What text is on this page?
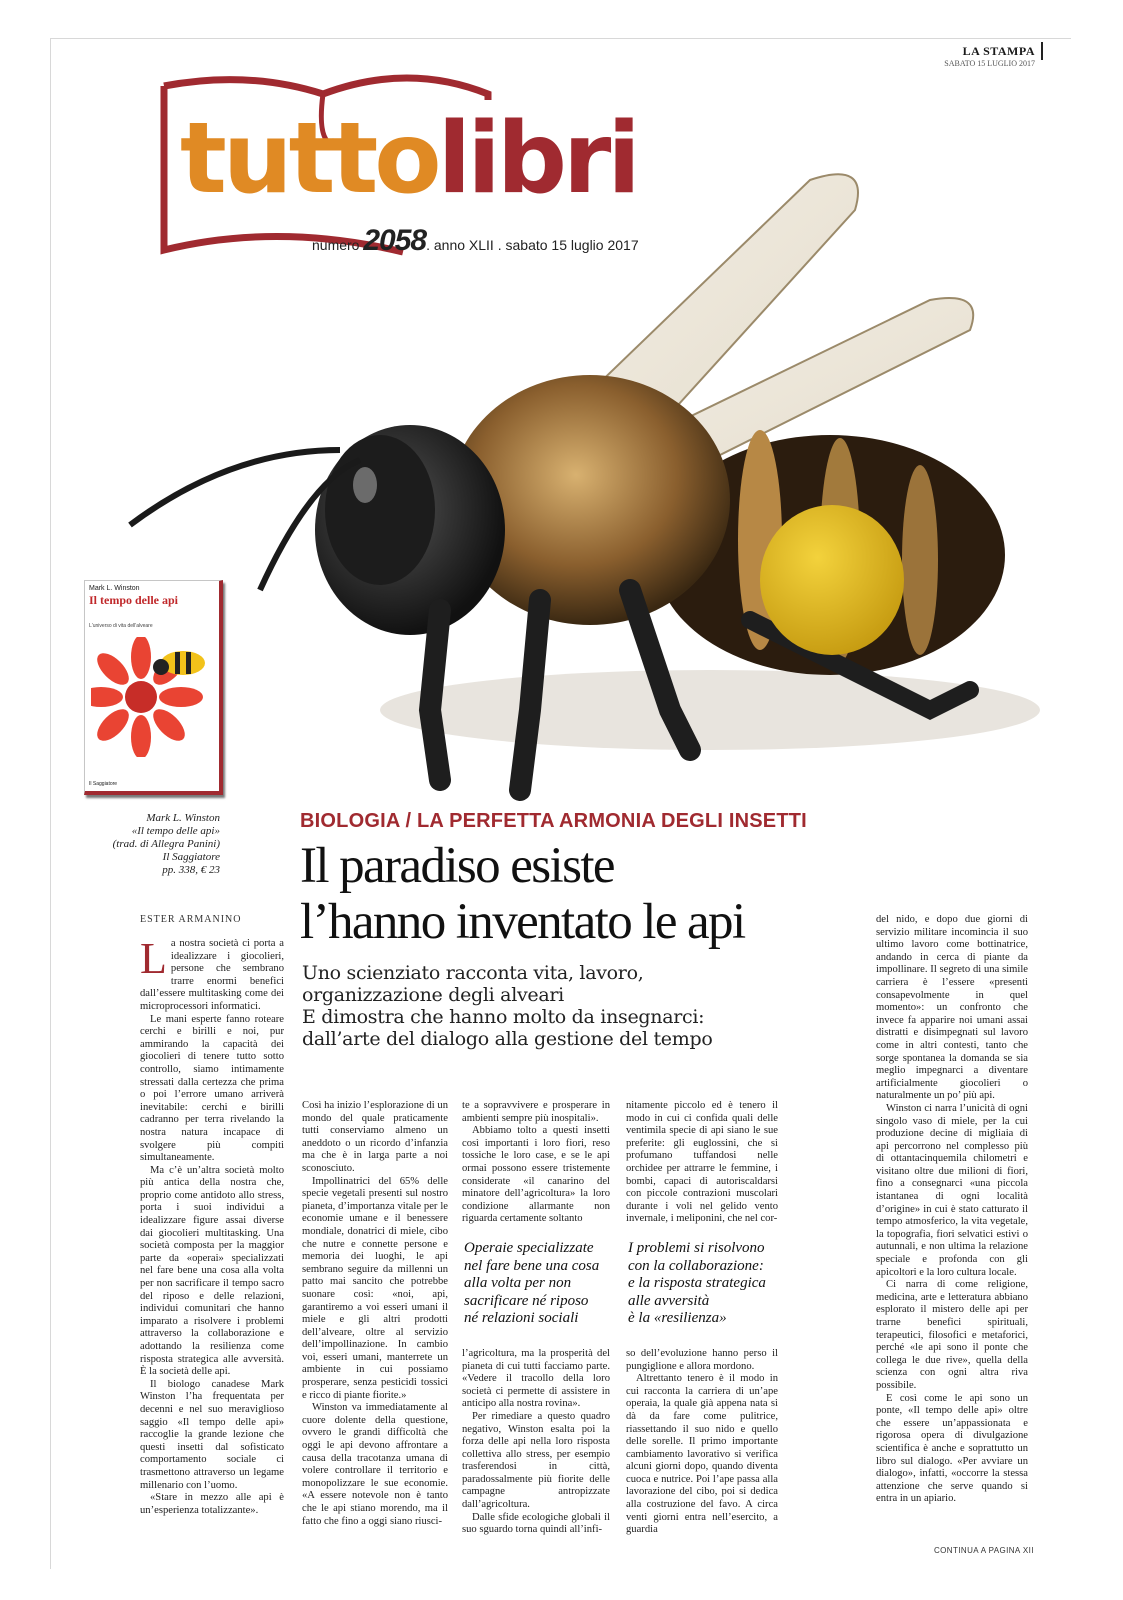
LA STAMPA
SABATO 15 LUGLIO 2017
tuttolibri
numero 2058. anno XLII . sabato 15 luglio 2017
Mark L. Winston
Il tempo delle api
L'universo di vita dell'alveare
Il Saggiatore
Mark L. Winston
«Il tempo delle api»
(trad. di Allegra Panini)
Il Saggiatore
pp. 338, € 23
BIOLOGIA / LA PERFETTA ARMONIA DEGLI INSETTI
Il paradiso esiste
l’hanno inventato le api
Uno scienziato racconta vita, lavoro,
organizzazione degli alveari
E dimostra che hanno molto da insegnarci:
dall’arte del dialogo alla gestione del tempo
ESTER ARMANINO

La nostra società ci porta a idealizzare i giocolieri, persone che sembrano trarre enormi benefici dall’essere multitasking come dei microprocessori informatici.

Le mani esperte fanno roteare cerchi e birilli e noi, pur ammirando la capacità dei giocolieri di tenere tutto sotto controllo, siamo intimamente stressati dalla certezza che prima o poi l’errore umano arriverà inevitabile: cerchi e birilli cadranno per terra rivelando la nostra natura incapace di svolgere più compiti simultaneamente.

Ma c’è un’altra società molto più antica della nostra che, proprio come antidoto allo stress, porta i suoi individui a idealizzare figure assai diverse dai giocolieri multitasking. Una società composta per la maggior parte da «operai» specializzati nel fare bene una cosa alla volta per non sacrificare il tempo sacro del riposo e delle relazioni, individui comunitari che hanno imparato a risolvere i problemi attraverso la collaborazione e adottando la resilienza come risposta strategica alle avversità. È la società delle api.

Il biologo canadese Mark Winston l’ha frequentata per decenni e nel suo meraviglioso saggio «Il tempo delle api» raccoglie la grande lezione che questi insetti dal sofisticato comportamento sociale ci trasmettono attraverso un legame millenario con l’uomo.

«Stare in mezzo alle api è un’esperienza totalizzante».

Così ha inizio l’esplorazione di un mondo del quale praticamente tutti conserviamo almeno un aneddoto o un ricordo d’infanzia ma che è in larga parte a noi sconosciuto.

Impollinatrici del 65% delle specie vegetali presenti sul nostro pianeta, d’importanza vitale per le economie umane e il benessere mondiale, donatrici di miele, cibo che nutre e connette persone e memoria dei luoghi, le api sembrano seguire da millenni un patto mai sancito che potrebbe suonare così: «noi, api, garantiremo a voi esseri umani il miele e gli altri prodotti dell’alveare, oltre al servizio dell’impollinazione. In cambio voi, esseri umani, manterrete un ambiente in cui possiamo prosperare, senza pesticidi tossici e ricco di piante fiorite.»

Winston va immediatamente al cuore dolente della questione, ovvero le grandi difficoltà che oggi le api devono affrontare a causa della tracotanza umana di volere controllare il territorio e monopolizzare le sue economie. «A essere notevole non è tanto che le api stiano morendo, ma il fatto che fino a oggi siano riusci-

te a sopravvivere e prosperare in ambienti sempre più inospitali».

Abbiamo tolto a questi insetti così importanti i loro fiori, reso tossiche le loro case, e se le api ormai possono essere tristemente considerate «il canarino del minatore dell’agricoltura» la loro condizione allarmante non riguarda certamente soltanto

l’agricoltura, ma la prosperità del pianeta di cui tutti facciamo parte. «Vedere il tracollo della loro società ci permette di assistere in anticipo alla nostra rovina».

Per rimediare a questo quadro negativo, Winston esalta poi la forza delle api nella loro risposta collettiva allo stress, per esempio trasferendosi in città, paradossalmente più fiorite delle campagne antropizzate dall’agricoltura.

Dalle sfide ecologiche globali il suo sguardo torna quindi all’infi-

nitamente piccolo ed è tenero il modo in cui ci confida quali delle ventimila specie di api siano le sue preferite: gli euglossini, che si profumano tuffandosi nelle orchidee per attrarre le femmine, i bombi, capaci di autoriscaldarsi con piccole contrazioni muscolari durante i voli nel gelido vento invernale, i meliponini, che nel cor-

so dell’evoluzione hanno perso il pungiglione e allora mordono.

Altrettanto tenero è il modo in cui racconta la carriera di un’ape operaia, la quale già appena nata si dà da fare come pulitrice, riassettando il suo nido e quello delle sorelle. Il primo importante cambiamento lavorativo si verifica alcuni giorni dopo, quando diventa cuoca e nutrice. Poi l’ape passa alla lavorazione del cibo, poi si dedica alla costruzione del favo. A circa venti giorni entra nell’esercito, a guardia

del nido, e dopo due giorni di servizio militare incomincia il suo ultimo lavoro come bottinatrice, andando in cerca di piante da impollinare. Il segreto di una simile carriera è l’essere «presenti consapevolmente in quel momento»: un confronto che invece fa apparire noi umani assai distratti e disimpegnati sul lavoro come in altri contesti, tanto che sorge spontanea la domanda se sia meglio impegnarci a diventare artificialmente giocolieri o naturalmente un po’ più api.

Winston ci narra l’unicità di ogni singolo vaso di miele, per la cui produzione decine di migliaia di api percorrono nel complesso più di ottantacinquemila chilometri e visitano oltre due milioni di fiori, fino a consegnarci «una piccola istantanea di ogni località d’origine» in cui è stato catturato il tempo atmosferico, la vita vegetale, la topografia, fiori selvatici estivi o autunnali, e non ultima la relazione speciale e profonda con gli apicoltori e la loro cultura locale.

Ci narra di come religione, medicina, arte e letteratura abbiano esplorato il mistero delle api per trarne benefici spirituali, terapeutici, filosofici e metaforici, perché «le api sono il ponte che collega le due rive», quella della scienza con ogni altra riva possibile.

E così come le api sono un ponte, «Il tempo delle api» oltre che essere un’appassionata e rigorosa opera di divulgazione scientifica è anche e soprattutto un libro sul dialogo. «Per avviare un dialogo», infatti, «occorre la stessa attenzione che serve quando si entra in un apiario.

Operaie specializzate
nel fare bene una cosa
alla volta per non
sacrificare né riposo
né relazioni sociali
I problemi si risolvono
con la collaborazione:
e la risposta strategica
alle avversità
è la «resilienza»
CONTINUA A PAGINA XII
